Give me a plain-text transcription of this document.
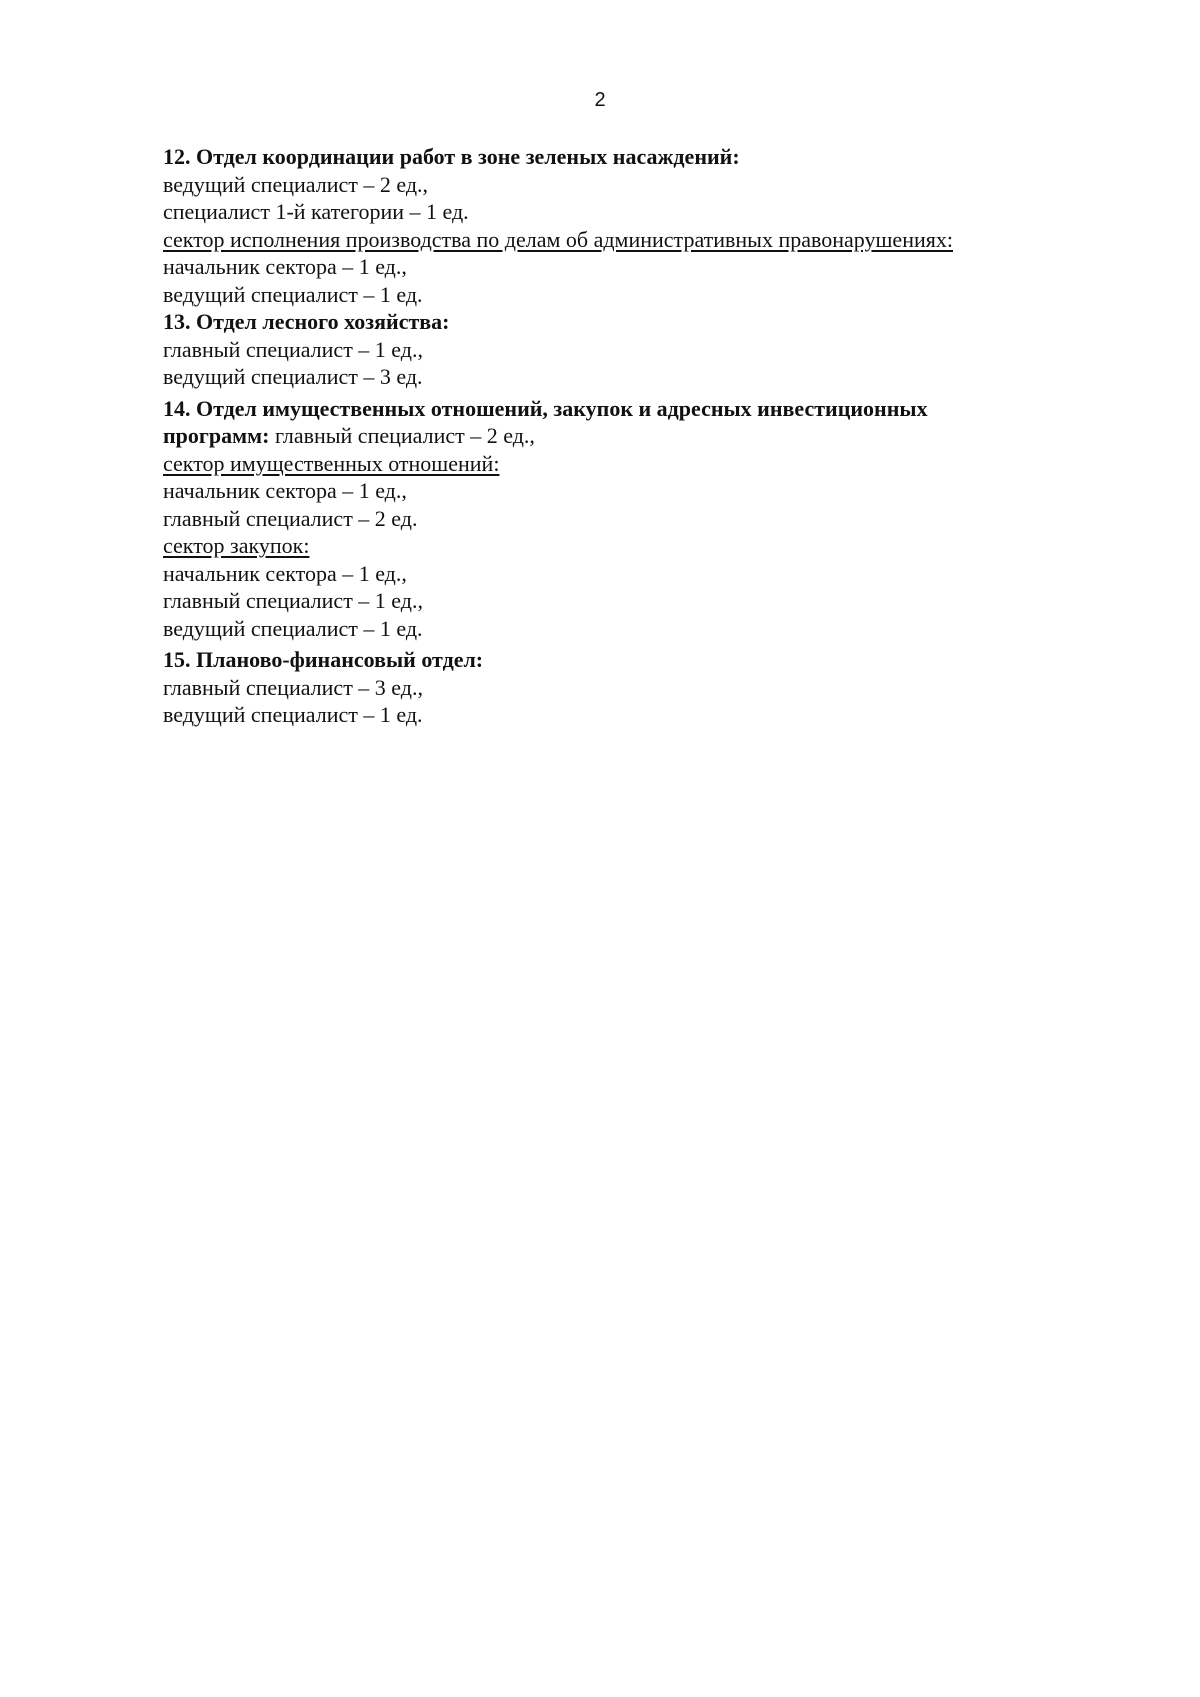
2

12. Отдел координации работ в зоне зеленых насаждений:

ведущий специалист – 2 ед.,

специалист 1-й категории – 1 ед.

сектор исполнения производства по делам об административных правонарушениях:

начальник сектора – 1 ед.,

ведущий специалист – 1 ед.

13. Отдел лесного хозяйства:

главный специалист – 1 ед.,

ведущий специалист – 3 ед.

14. Отдел имущественных отношений, закупок и адресных инвестиционных

программ: главный специалист – 2 ед.,

сектор имущественных отношений:

начальник сектора – 1 ед.,

главный специалист – 2 ед.

сектор закупок:

начальник сектора – 1 ед.,

главный специалист – 1 ед.,

ведущий специалист – 1 ед.

15. Планово-финансовый отдел:

главный специалист – 3 ед.,

ведущий специалист – 1 ед.
